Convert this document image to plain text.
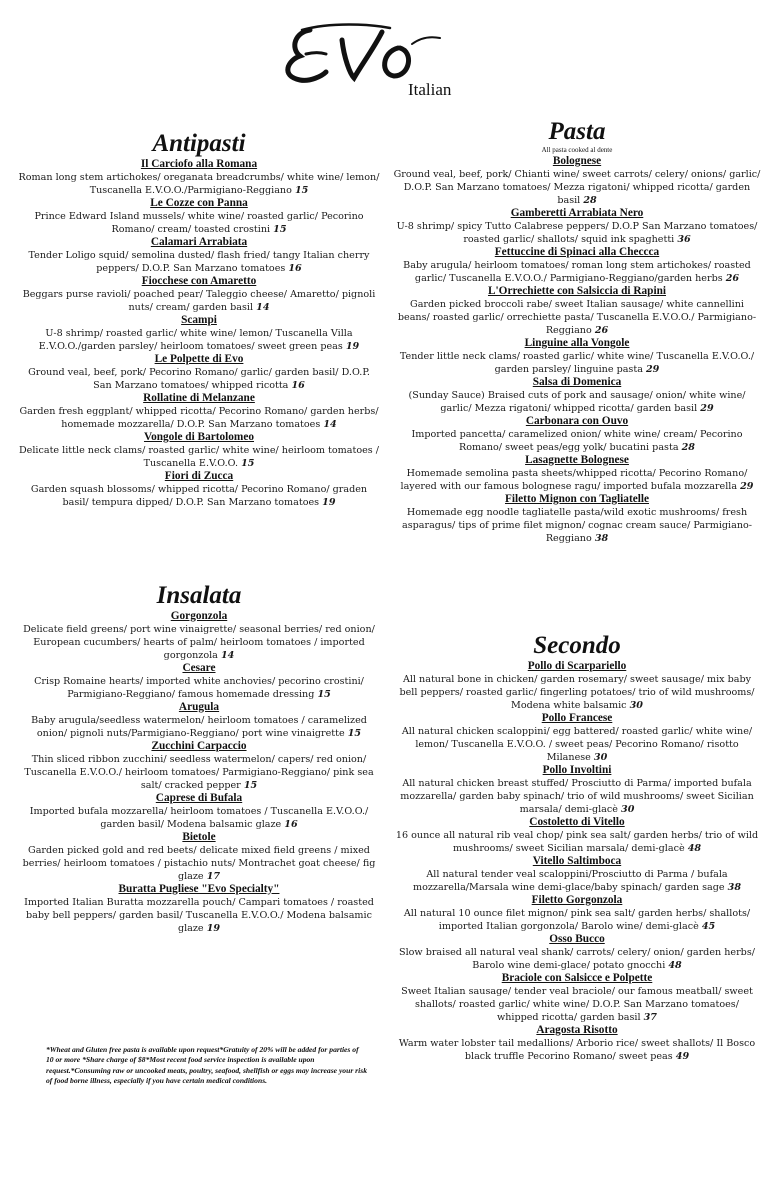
Italian
Antipasti
Il Carciofo alla Romana
Roman long stem artichokes/ oreganata breadcrumbs/ white wine/ lemon/ Tuscanella E.V.O.O./Parmigiano-Reggiano 15
Le Cozze con Panna
Prince Edward Island mussels/ white wine/ roasted garlic/ Pecorino Romano/ cream/ toasted crostini 15
Calamari Arrabiata
Tender Loligo squid/ semolina dusted/ flash fried/ tangy Italian cherry peppers/ D.O.P. San Marzano tomatoes 16
Fiocchese con Amaretto
Beggars purse ravioli/ poached pear/ Taleggio cheese/ Amaretto/ pignoli nuts/ cream/ garden basil 14
Scampi
U-8 shrimp/ roasted garlic/ white wine/ lemon/ Tuscanella Villa E.V.O.O./garden parsley/ heirloom tomatoes/ sweet green peas 19
Le Polpette di Evo
Ground veal, beef, pork/ Pecorino Romano/ garlic/ garden basil/ D.O.P. San Marzano tomatoes/ whipped ricotta 16
Rollatine di Melanzane
Garden fresh eggplant/ whipped ricotta/ Pecorino Romano/ garden herbs/ homemade mozzarella/ D.O.P. San Marzano tomatoes 14
Vongole di Bartolomeo
Delicate little neck clams/ roasted garlic/ white wine/ heirloom tomatoes / Tuscanella E.V.O.O. 15
Fiori di Zucca
Garden squash blossoms/ whipped ricotta/ Pecorino Romano/ graden basil/ tempura dipped/ D.O.P. San Marzano tomatoes 19
Insalata
Gorgonzola
Delicate field greens/ port wine vinaigrette/ seasonal berries/ red onion/ European cucumbers/ hearts of palm/ heirloom tomatoes / imported gorgonzola 14
Cesare
Crisp Romaine hearts/ imported white anchovies/ pecorino crostini/ Parmigiano-Reggiano/ famous homemade dressing 15
Arugula
Baby arugula/seedless watermelon/ heirloom tomatoes / caramelized onion/ pignoli nuts/Parmigiano-Reggiano/ port wine vinaigrette 15
Zucchini Carpaccio
Thin sliced ribbon zucchini/ seedless watermelon/ capers/ red onion/ Tuscanella E.V.O.O./ heirloom tomatoes/ Parmigiano-Reggiano/ pink sea salt/ cracked pepper 15
Caprese di Bufala
Imported bufala mozzarella/ heirloom tomatoes / Tuscanella E.V.O.O./ garden basil/ Modena balsamic glaze 16
Bietole
Garden picked gold and red beets/ delicate mixed field greens / mixed berries/ heirloom tomatoes / pistachio nuts/ Montrachet goat cheese/ fig glaze 17
Buratta Pugliese "Evo Specialty"
Imported Italian Buratta mozzarella pouch/ Campari tomatoes / roasted baby bell peppers/ garden basil/ Tuscanella E.V.O.O./ Modena balsamic glaze 19
Pasta
All pasta cooked al dente
Bolognese
Ground veal, beef, pork/ Chianti wine/ sweet carrots/ celery/ onions/ garlic/ D.O.P. San Marzano tomatoes/ Mezza rigatoni/ whipped ricotta/ garden basil 28
Gamberetti Arrabiata Nero
U-8 shrimp/ spicy Tutto Calabrese peppers/ D.O.P San Marzano tomatoes/ roasted garlic/ shallots/ squid ink spaghetti 36
Fettuccine di Spinaci alla Checcca
Baby arugula/ heirloom tomatoes/ roman long stem artichokes/ roasted garlic/ Tuscanella E.V.O.O./ Parmigiano-Reggiano/garden herbs 26
L'Orrechiette con Salsiccia di Rapini
Garden picked broccoli rabe/ sweet Italian sausage/ white cannellini beans/ roasted garlic/ orrechiette pasta/ Tuscanella E.V.O.O./ Parmigiano-Reggiano 26
Linguine alla Vongole
Tender little neck clams/ roasted garlic/ white wine/ Tuscanella E.V.O.O./ garden parsley/ linguine pasta 29
Salsa di Domenica
(Sunday Sauce) Braised cuts of pork and sausage/ onion/ white wine/ garlic/ Mezza rigatoni/ whipped ricotta/ garden basil 29
Carbonara con Ouvo
Imported pancetta/ caramelized onion/ white wine/ cream/ Pecorino Romano/ sweet peas/egg yolk/ bucatini pasta 28
Lasagnette Bolognese
Homemade semolina pasta sheets/whipped ricotta/ Pecorino Romano/ layered with our famous bolognese ragu/ imported bufala mozzarella 29
Filetto Mignon con Tagliatelle
Homemade egg noodle tagliatelle pasta/wild exotic mushrooms/ fresh asparagus/ tips of prime filet mignon/ cognac cream sauce/ Parmigiano-Reggiano 38
Secondo
Pollo di Scarpariello
All natural bone in chicken/ garden rosemary/ sweet sausage/ mix baby bell peppers/ roasted garlic/ fingerling potatoes/ trio of wild mushrooms/ Modena white balsamic 30
Pollo Francese
All natural chicken scaloppini/ egg battered/ roasted garlic/ white wine/ lemon/ Tuscanella E.V.O.O. / sweet peas/ Pecorino Romano/ risotto Milanese 30
Pollo Involtini
All natural chicken breast stuffed/ Prosciutto di Parma/ imported bufala mozzarella/ garden baby spinach/ trio of wild mushrooms/ sweet Sicilian marsala/ demi-glacè 30
Costoletto di Vitello
16 ounce all natural rib veal chop/ pink sea salt/ garden herbs/ trio of wild mushrooms/ sweet Sicilian marsala/ demi-glacè 48
Vitello Saltimboca
All natural tender veal scaloppini/Prosciutto di Parma / bufala mozzarella/Marsala wine demi-glace/baby spinach/ garden sage 38
Filetto Gorgonzola
All natural 10 ounce filet mignon/ pink sea salt/ garden herbs/ shallots/ imported Italian gorgonzola/ Barolo wine/ demi-glacè 45
Osso Bucco
Slow braised all natural veal shank/ carrots/ celery/ onion/ garden herbs/ Barolo wine demi-glace/ potato gnocchi 48
Braciole con Salsicce e Polpette
Sweet Italian sausage/ tender veal braciole/ our famous meatball/ sweet shallots/ roasted garlic/ white wine/ D.O.P. San Marzano tomatoes/ whipped ricotta/ garden basil 37
Aragosta Risotto
Warm water lobster tail medallions/ Arborio rice/ sweet shallots/ Il Bosco black truffle Pecorino Romano/ sweet peas 49
*Wheat and Gluten free pasta is available upon request*Gratuity of 20% will be added for parties of 10 or more *Share charge of $8*Most recent food service inspection is available upon request.*Consuming raw or uncooked meats, poultry, seafood, shellfish or eggs may increase your risk of food borne illness, especially if you have certain medical conditions.
